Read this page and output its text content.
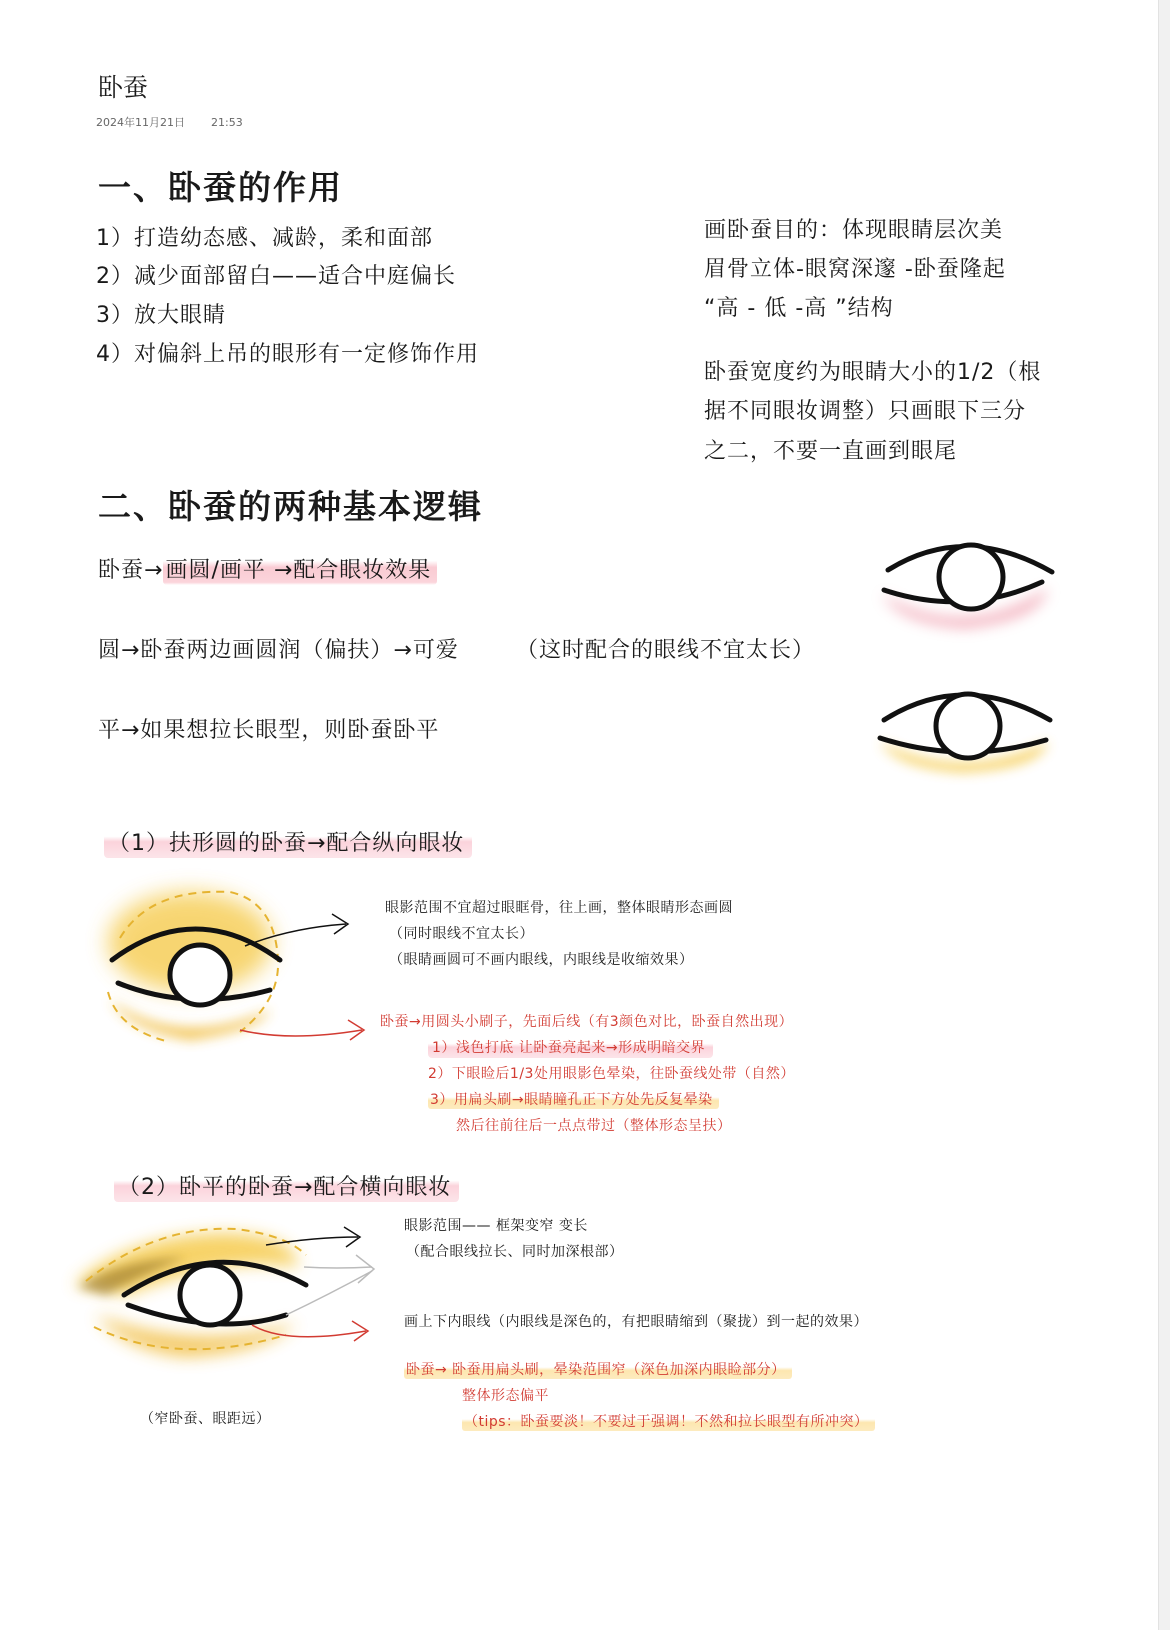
卧蚕
2024年11月21日 21:53
一、卧蚕的作用
1）打造幼态感、减龄，柔和面部
2）减少面部留白——适合中庭偏长
3）放大眼睛
4）对偏斜上吊的眼形有一定修饰作用
画卧蚕目的：体现眼睛层次美
眉骨立体-眼窝深邃 -卧蚕隆起
“高 - 低 -高 ”结构
卧蚕宽度约为眼睛大小的1/2（根
据不同眼妆调整）只画眼下三分
之二，不要一直画到眼尾
二、卧蚕的两种基本逻辑
卧蚕→画圆/画平 →配合眼妆效果
圆→卧蚕两边画圆润（偏扶）→可爱	（这时配合的眼线不宜太长）
平→如果想拉长眼型，则卧蚕卧平
（1）扶形圆的卧蚕→配合纵向眼妆
眼影范围不宜超过眼眶骨，往上画，整体眼睛形态画圆
（同时眼线不宜太长）
（眼睛画圆可不画内眼线，内眼线是收缩效果）
卧蚕→用圆头小刷子，先面后线（有3颜色对比，卧蚕自然出现）
1）浅色打底 让卧蚕亮起来→形成明暗交界
2）下眼睑后1/3处用眼影色晕染，往卧蚕线处带（自然）
3）用扁头刷→眼睛瞳孔正下方处先反复晕染
然后往前往后一点点带过（整体形态呈扶）
（2）卧平的卧蚕→配合横向眼妆
眼影范围—— 框架变窄 变长
（配合眼线拉长、同时加深根部）
画上下内眼线（内眼线是深色的，有把眼睛缩到（聚拢）到一起的效果）
卧蚕→ 卧蚕用扁头刷，晕染范围窄（深色加深内眼睑部分）
整体形态偏平
（tips：卧蚕要淡！不要过于强调！不然和拉长眼型有所冲突）
（窄卧蚕、眼距远）
